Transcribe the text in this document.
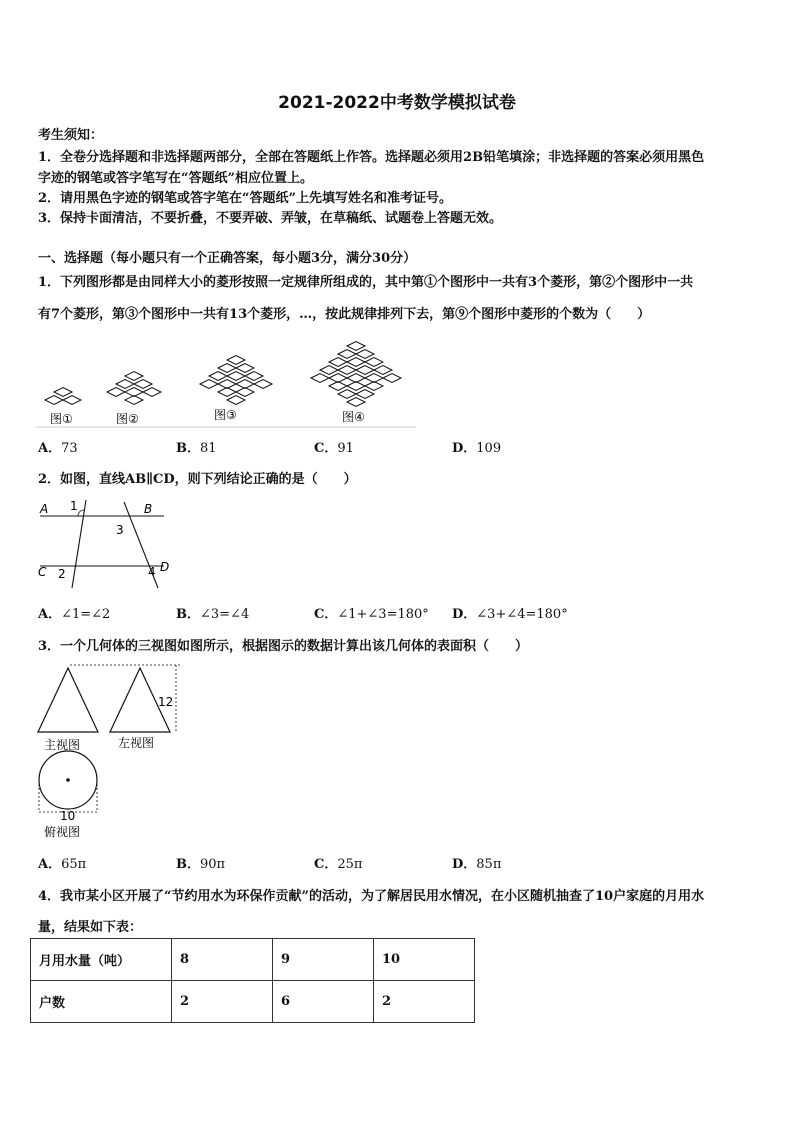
2021-2022中考数学模拟试卷
考生须知：
1．全卷分选择题和非选择题两部分，全部在答题纸上作答。选择题必须用2B铅笔填涂；非选择题的答案必须用黑色
字迹的钢笔或答字笔写在“答题纸”相应位置上。
2．请用黑色字迹的钢笔或答字笔在“答题纸”上先填写姓名和准考证号。
3．保持卡面清洁，不要折叠，不要弄破、弄皱，在草稿纸、试题卷上答题无效。
一、选择题（每小题只有一个正确答案，每小题3分，满分30分）
1．下列图形都是由同样大小的菱形按照一定规律所组成的，其中第①个图形中一共有3个菱形，第②个图形中一共
有7个菱形，第③个图形中一共有13个菱形，…，按此规律排列下去，第⑨个图形中菱形的个数为（　　）
图①	图②	图③	图④
A．73	B．81	C．91	D．109
2．如图，直线AB∥CD，则下列结论正确的是（　　）
A	B
C	D
1
2
3
4
A．∠1=∠2	B．∠3=∠4	C．∠1+∠3=180° D．∠3+∠4=180°
3．一个几何体的三视图如图所示，根据图示的数据计算出该几何体的表面积（　　）
主视图
12
左视图
10
俯视图
A．65π	B．90π	C．25π	D．85π
4．我市某小区开展了“节约用水为环保作贡献”的活动，为了解居民用水情况，在小区随机抽查了10户家庭的月用水
量，结果如下表：
月用水量（吨）	8	9	10
户数	2	6	2
